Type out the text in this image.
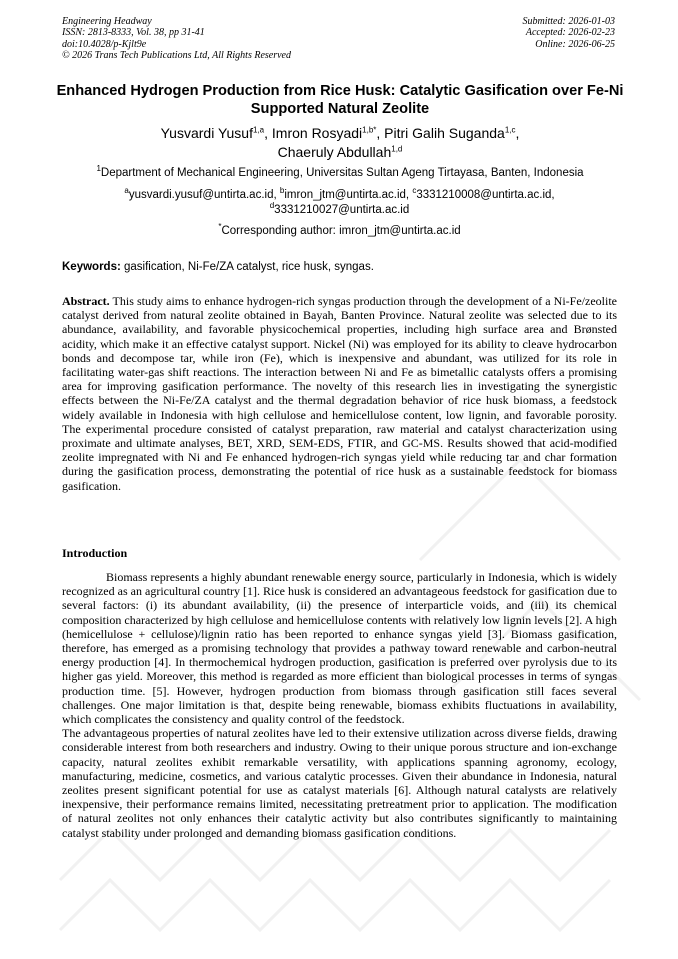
Engineering Headway
ISSN: 2813-8333, Vol. 38, pp 31-41
doi:10.4028/p-Kjlt9e
© 2026 Trans Tech Publications Ltd, All Rights Reserved
Submitted: 2026-01-03
Accepted: 2026-02-23
Online: 2026-06-25
Enhanced Hydrogen Production from Rice Husk: Catalytic Gasification over Fe-Ni Supported Natural Zeolite
Yusvardi Yusuf$^{1,a}$, Imron Rosyadi$^{1,b*}$, Pitri Galih Suganda$^{1,c}$,
Chaeruly Abdullah$^{1,d}$
$^1$Department of Mechanical Engineering, Universitas Sultan Ageng Tirtayasa, Banten, Indonesia
$^a$yusvardi.yusuf@untirta.ac.id, $^b$imron_jtm@untirta.ac.id, $^c$3331210008@untirta.ac.id,
$^d$3331210027@untirta.ac.id
*Corresponding author: imron_jtm@untirta.ac.id
Keywords: gasification, Ni-Fe/ZA catalyst, rice husk, syngas.
Abstract. This study aims to enhance hydrogen-rich syngas production through the development of a Ni-Fe/zeolite catalyst derived from natural zeolite obtained in Bayah, Banten Province. Natural zeolite was selected due to its abundance, availability, and favorable physicochemical properties, including high surface area and Brønsted acidity, which make it an effective catalyst support. Nickel (Ni) was employed for its ability to cleave hydrocarbon bonds and decompose tar, while iron (Fe), which is inexpensive and abundant, was utilized for its role in facilitating water-gas shift reactions. The interaction between Ni and Fe as bimetallic catalysts offers a promising area for improving gasification performance. The novelty of this research lies in investigating the synergistic effects between the Ni-Fe/ZA catalyst and the thermal degradation behavior of rice husk biomass, a feedstock widely available in Indonesia with high cellulose and hemicellulose content, low lignin, and favorable porosity. The experimental procedure consisted of catalyst preparation, raw material and catalyst characterization using proximate and ultimate analyses, BET, XRD, SEM-EDS, FTIR, and GC-MS. Results showed that acid-modified zeolite impregnated with Ni and Fe enhanced hydrogen-rich syngas yield while reducing tar and char formation during the gasification process, demonstrating the potential of rice husk as a sustainable feedstock for biomass gasification.
Introduction

Biomass represents a highly abundant renewable energy source, particularly in Indonesia, which is widely recognized as an agricultural country [1]. Rice husk is considered an advantageous feedstock for gasification due to several factors: (i) its abundant availability, (ii) the presence of interparticle voids, and (iii) its chemical composition characterized by high cellulose and hemicellulose contents with relatively low lignin levels [2]. A high (hemicellulose + cellulose)/lignin ratio has been reported to enhance syngas yield [3]. Biomass gasification, therefore, has emerged as a promising technology that provides a pathway toward renewable and carbon-neutral energy production [4]. In thermochemical hydrogen production, gasification is preferred over pyrolysis due to its higher gas yield. Moreover, this method is regarded as more efficient than biological processes in terms of syngas production time. [5]. However, hydrogen production from biomass through gasification still faces several challenges. One major limitation is that, despite being renewable, biomass exhibits fluctuations in availability, which complicates the consistency and quality control of the feedstock.

The advantageous properties of natural zeolites have led to their extensive utilization across diverse fields, drawing considerable interest from both researchers and industry. Owing to their unique porous structure and ion-exchange capacity, natural zeolites exhibit remarkable versatility, with applications spanning agronomy, ecology, manufacturing, medicine, cosmetics, and various catalytic processes. Given their abundance in Indonesia, natural zeolites present significant potential for use as catalyst materials [6]. Although natural catalysts are relatively inexpensive, their performance remains limited, necessitating pretreatment prior to application. The modification of natural zeolites not only enhances their catalytic activity but also contributes significantly to maintaining catalyst stability under prolonged and demanding biomass gasification conditions.
